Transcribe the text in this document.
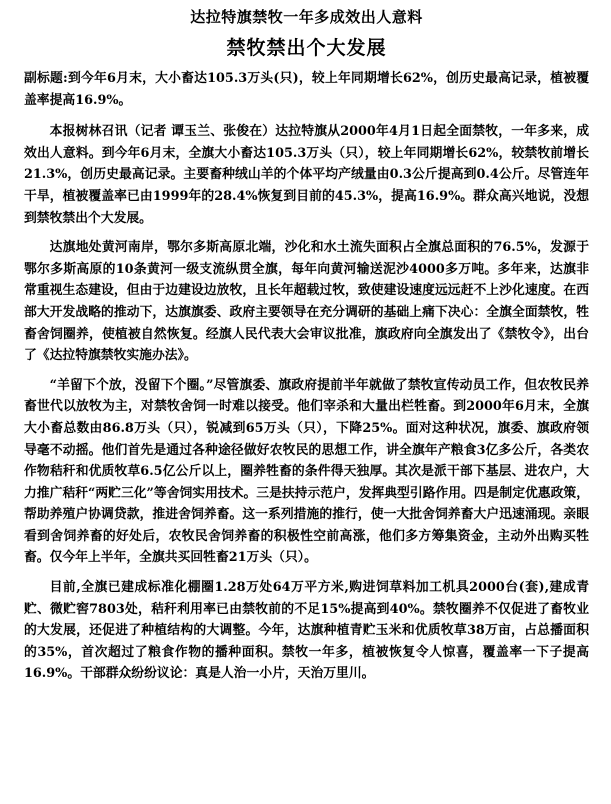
达拉特旗禁牧一年多成效出人意料
禁牧禁出个大发展

副标题:到今年6月末，大小畜达105.3万头(只)，较上年同期增长62%，创历史最高记录，植被覆盖率提高16.9%。

本报树林召讯（记者 谭玉兰、张俊在）达拉特旗从2000年4月1日起全面禁牧，一年多来，成效出人意料。到今年6月末，全旗大小畜达105.3万头（只），较上年同期增长62%，较禁牧前增长21.3%，创历史最高记录。主要畜种绒山羊的个体平均产绒量由0.3公斤提高到0.4公斤。尽管连年干旱，植被覆盖率已由1999年的28.4%恢复到目前的45.3%，提高16.9%。群众高兴地说，没想到禁牧禁出个大发展。

达旗地处黄河南岸，鄂尔多斯高原北端，沙化和水土流失面积占全旗总面积的76.5%，发源于鄂尔多斯高原的10条黄河一级支流纵贯全旗，每年向黄河输送泥沙4000多万吨。多年来，达旗非常重视生态建设，但由于边建设边放牧，且长年超载过牧，致使建设速度远远赶不上沙化速度。在西部大开发战略的推动下，达旗旗委、政府主要领导在充分调研的基础上痛下决心：全旗全面禁牧，牲畜舍饲圈养，使植被自然恢复。经旗人民代表大会审议批准，旗政府向全旗发出了《禁牧令》，出台了《达拉特旗禁牧实施办法》。

“羊留下个放，没留下个圈。”尽管旗委、旗政府提前半年就做了禁牧宣传动员工作，但农牧民养畜世代以放牧为主，对禁牧舍饲一时难以接受。他们宰杀和大量出栏牲畜。到2000年6月末，全旗大小畜总数由86.8万头（只），锐减到65万头（只），下降25%。面对这种状况，旗委、旗政府领导毫不动摇。他们首先是通过各种途径做好农牧民的思想工作，讲全旗年产粮食3亿多公斤，各类农作物秸秆和优质牧草6.5亿公斤以上，圈养牲畜的条件得天独厚。其次是派干部下基层、进农户，大力推广秸秆“两贮三化”等舍饲实用技术。三是扶持示范户，发挥典型引路作用。四是制定优惠政策，帮助养殖户协调贷款，推进舍饲养畜。这一系列措施的推行，使一大批舍饲养畜大户迅速涌现。亲眼看到舍饲养畜的好处后，农牧民舍饲养畜的积极性空前高涨，他们多方筹集资金，主动外出购买牲畜。仅今年上半年，全旗共买回牲畜21万头（只）。

目前,全旗已建成标准化棚圈1.28万处64万平方米,购进饲草料加工机具2000台(套),建成青贮、微贮窖7803处，秸秆利用率已由禁牧前的不足15%提高到40%。禁牧圈养不仅促进了畜牧业的大发展，还促进了种植结构的大调整。今年，达旗种植青贮玉米和优质牧草38万亩，占总播面积的35%，首次超过了粮食作物的播种面积。禁牧一年多，植被恢复令人惊喜，覆盖率一下子提高16.9%。干部群众纷纷议论：真是人治一小片，天治万里川。
